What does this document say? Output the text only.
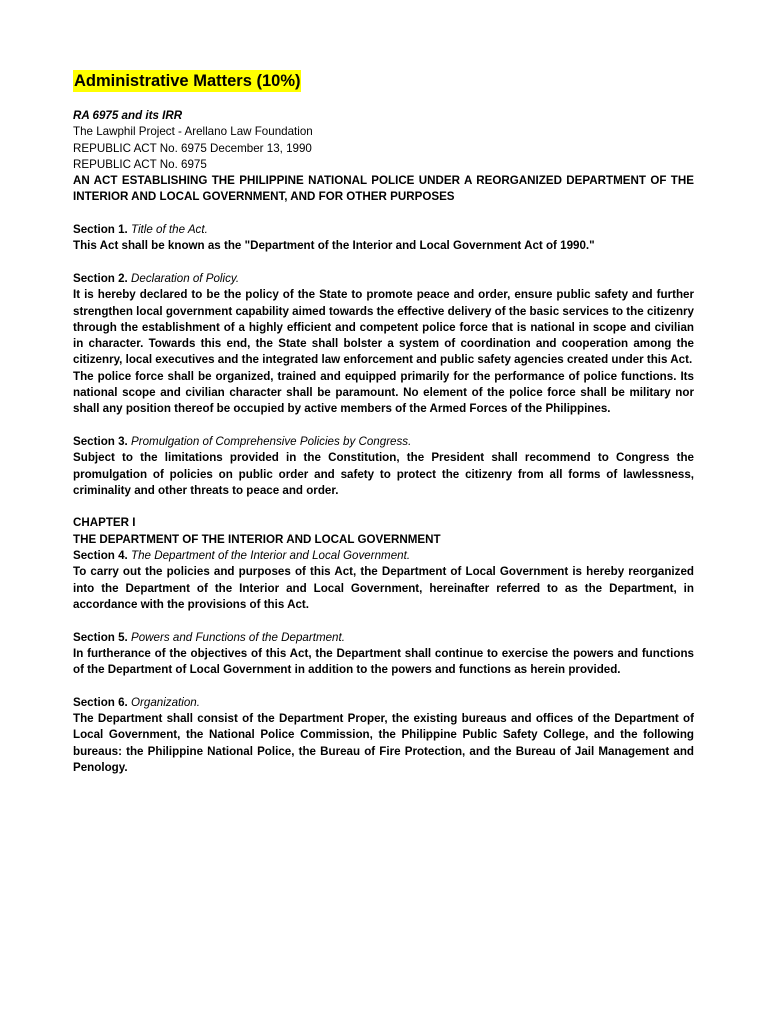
Administrative Matters (10%)
RA 6975 and its IRR
The Lawphil Project - Arellano Law Foundation
REPUBLIC ACT No. 6975 December 13, 1990
REPUBLIC ACT No. 6975

AN ACT ESTABLISHING THE PHILIPPINE NATIONAL POLICE UNDER A REORGANIZED DEPARTMENT OF THE INTERIOR AND LOCAL GOVERNMENT, AND FOR OTHER PURPOSES

Section 1. Title of the Act.

This Act shall be known as the "Department of the Interior and Local Government Act of 1990."

Section 2. Declaration of Policy.

It is hereby declared to be the policy of the State to promote peace and order, ensure public safety and further strengthen local government capability aimed towards the effective delivery of the basic services to the citizenry through the establishment of a highly efficient and competent police force that is national in scope and civilian in character. Towards this end, the State shall bolster a system of coordination and cooperation among the citizenry, local executives and the integrated law enforcement and public safety agencies created under this Act.

The police force shall be organized, trained and equipped primarily for the performance of police functions. Its national scope and civilian character shall be paramount. No element of the police force shall be military nor shall any position thereof be occupied by active members of the Armed Forces of the Philippines.

Section 3. Promulgation of Comprehensive Policies by Congress.

Subject to the limitations provided in the Constitution, the President shall recommend to Congress the promulgation of policies on public order and safety to protect the citizenry from all forms of lawlessness, criminality and other threats to peace and order.

CHAPTER I
THE DEPARTMENT OF THE INTERIOR AND LOCAL GOVERNMENT
Section 4. The Department of the Interior and Local Government.

To carry out the policies and purposes of this Act, the Department of Local Government is hereby reorganized into the Department of the Interior and Local Government, hereinafter referred to as the Department, in accordance with the provisions of this Act.

Section 5. Powers and Functions of the Department.

In furtherance of the objectives of this Act, the Department shall continue to exercise the powers and functions of the Department of Local Government in addition to the powers and functions as herein provided.

Section 6. Organization.

The Department shall consist of the Department Proper, the existing bureaus and offices of the Department of Local Government, the National Police Commission, the Philippine Public Safety College, and the following bureaus: the Philippine National Police, the Bureau of Fire Protection, and the Bureau of Jail Management and Penology.
